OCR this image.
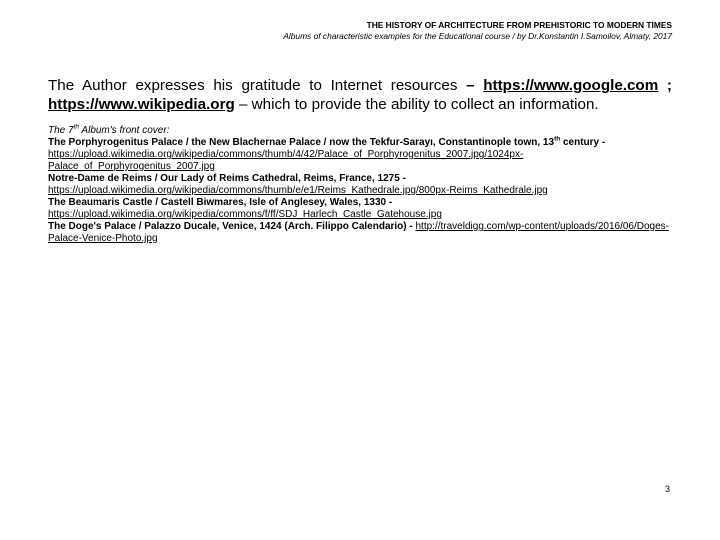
THE HISTORY OF ARCHITECTURE FROM PREHISTORIC TO MODERN TIMES
Albums of characteristic examples for the Educational course / by Dr.Konstantin I.Samoilov, Almaty, 2017
The Author expresses his gratitude to Internet resources – https://www.google.com ; https://www.wikipedia.org – which to provide the ability to collect an information.
The 7th Album's front cover:
The Porphyrogenitus Palace / the New Blachernae Palace / now the Tekfur-Sarayı, Constantinople town, 13th century - https://upload.wikimedia.org/wikipedia/commons/thumb/4/42/Palace_of_Porphyrogenitus_2007.jpg/1024px-Palace_of_Porphyrogenitus_2007.jpg
Notre-Dame de Reims / Our Lady of Reims Cathedral, Reims, France, 1275 -
https://upload.wikimedia.org/wikipedia/commons/thumb/e/e1/Reims_Kathedrale.jpg/800px-Reims_Kathedrale.jpg
The Beaumaris Castle / Castell Biwmares, Isle of Anglesey, Wales, 1330 -
https://upload.wikimedia.org/wikipedia/commons/f/ff/SDJ_Harlech_Castle_Gatehouse.jpg
The Doge's Palace / Palazzo Ducale, Venice, 1424 (Arch. Filippo Calendario) - http://traveldigg.com/wp-content/uploads/2016/06/Doges-Palace-Venice-Photo.jpg
3
